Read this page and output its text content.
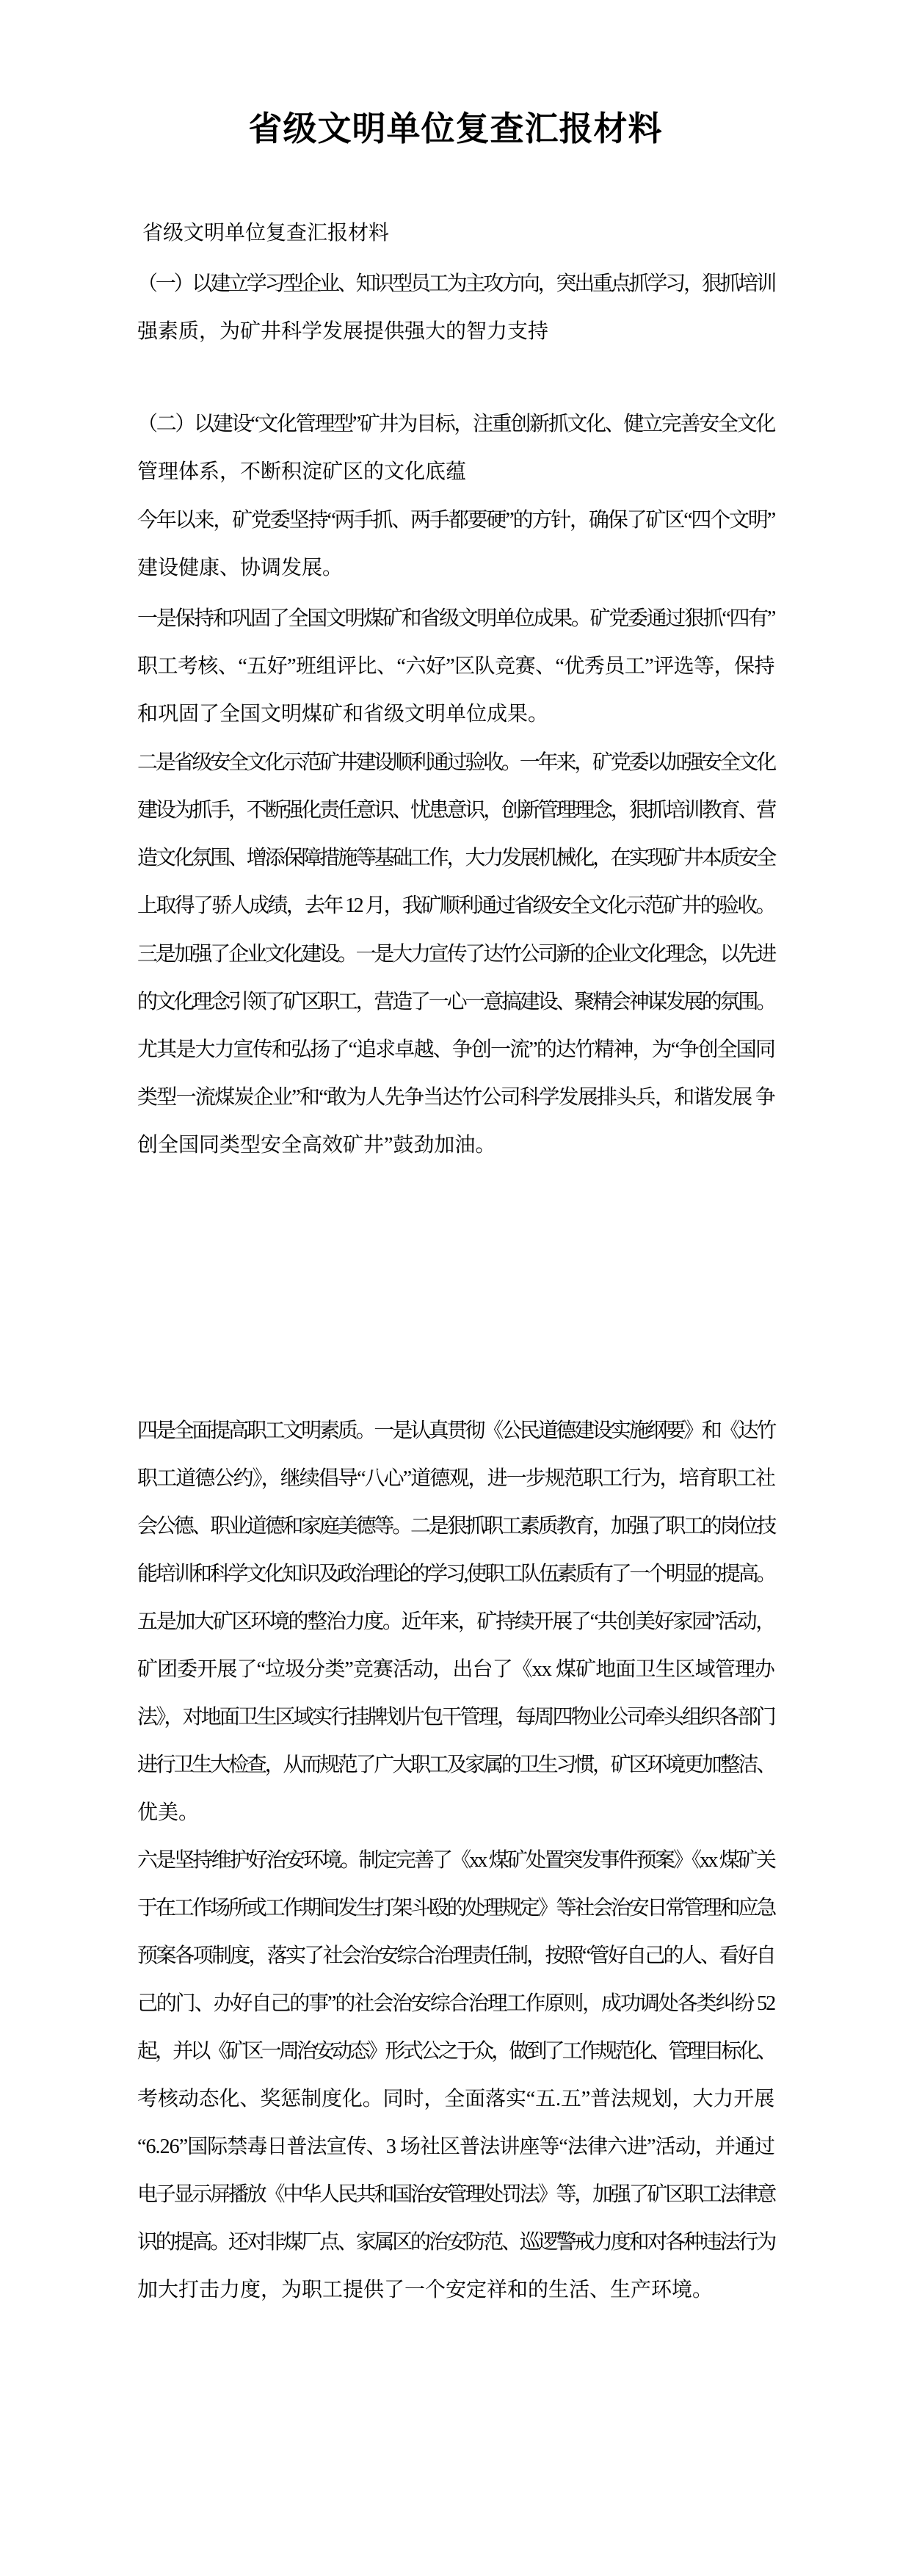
省级文明单位复查汇报材料
省级文明单位复查汇报材料
（一）以建立学习型企业、知识型员工为主攻方向，突出重点抓学习，狠抓培训
强素质，为矿井科学发展提供强大的智力支持
（二）以建设“文化管理型”矿井为目标，注重创新抓文化、健立完善安全文化
管理体系，不断积淀矿区的文化底蕴
今年以来，矿党委坚持“两手抓、两手都要硬”的方针，确保了矿区“四个文明”
建设健康、协调发展。
一是保持和巩固了全国文明煤矿和省级文明单位成果。矿党委通过狠抓“四有”
职工考核、“五好”班组评比、“六好”区队竞赛、“优秀员工”评选等，保持
和巩固了全国文明煤矿和省级文明单位成果。
二是省级安全文化示范矿井建设顺利通过验收。一年来，矿党委以加强安全文化
建设为抓手，不断强化责任意识、忧患意识，创新管理理念，狠抓培训教育、营
造文化氛围、增添保障措施等基础工作，大力发展机械化，在实现矿井本质安全
上取得了骄人成绩，去年 12 月，我矿顺利通过省级安全文化示范矿井的验收。
三是加强了企业文化建设。一是大力宣传了达竹公司新的企业文化理念，以先进
的文化理念引领了矿区职工，营造了一心一意搞建设、聚精会神谋发展的氛围。
尤其是大力宣传和弘扬了“追求卓越、争创一流”的达竹精神，为“争创全国同
类型一流煤炭企业”和“敢为人先争当达竹公司科学发展排头兵，和谐发展 争
创全国同类型安全高效矿井”鼓劲加油。
四是全面提高职工文明素质。一是认真贯彻《公民道德建设实施纲要》和《达竹
职工道德公约》，继续倡导“八心”道德观，进一步规范职工行为，培育职工社
会公德、职业道德和家庭美德等。二是狠抓职工素质教育，加强了职工的岗位技
能培训和科学文化知识及政治理论的学习,使职工队伍素质有了一个明显的提高。
五是加大矿区环境的整治力度。近年来，矿持续开展了“共创美好家园”活动，
矿团委开展了“垃圾分类”竞赛活动，出台了《xx 煤矿地面卫生区域管理办
法》，对地面卫生区域实行挂牌划片包干管理，每周四物业公司牵头组织各部门
进行卫生大检查，从而规范了广大职工及家属的卫生习惯，矿区环境更加整洁、
优美。
六是坚持维护好治安环境。制定完善了《xx 煤矿处置突发事件预案》《xx 煤矿关
于在工作场所或工作期间发生打架斗殴的处理规定》等社会治安日常管理和应急
预案各项制度，落实了社会治安综合治理责任制，按照“管好自己的人、看好自
己的门、办好自己的事”的社会治安综合治理工作原则，成功调处各类纠纷 52
起，并以《矿区一周治安动态》形式公之于众，做到了工作规范化、管理目标化、
考核动态化、奖惩制度化。同时，全面落实“五.五”普法规划，大力开展
“6.26”国际禁毒日普法宣传、3 场社区普法讲座等“法律六进”活动，并通过
电子显示屏播放《中华人民共和国治安管理处罚法》等，加强了矿区职工法律意
识的提高。还对非煤厂点、家属区的治安防范、巡逻警戒力度和对各种违法行为
加大打击力度，为职工提供了一个安定祥和的生活、生产环境。
